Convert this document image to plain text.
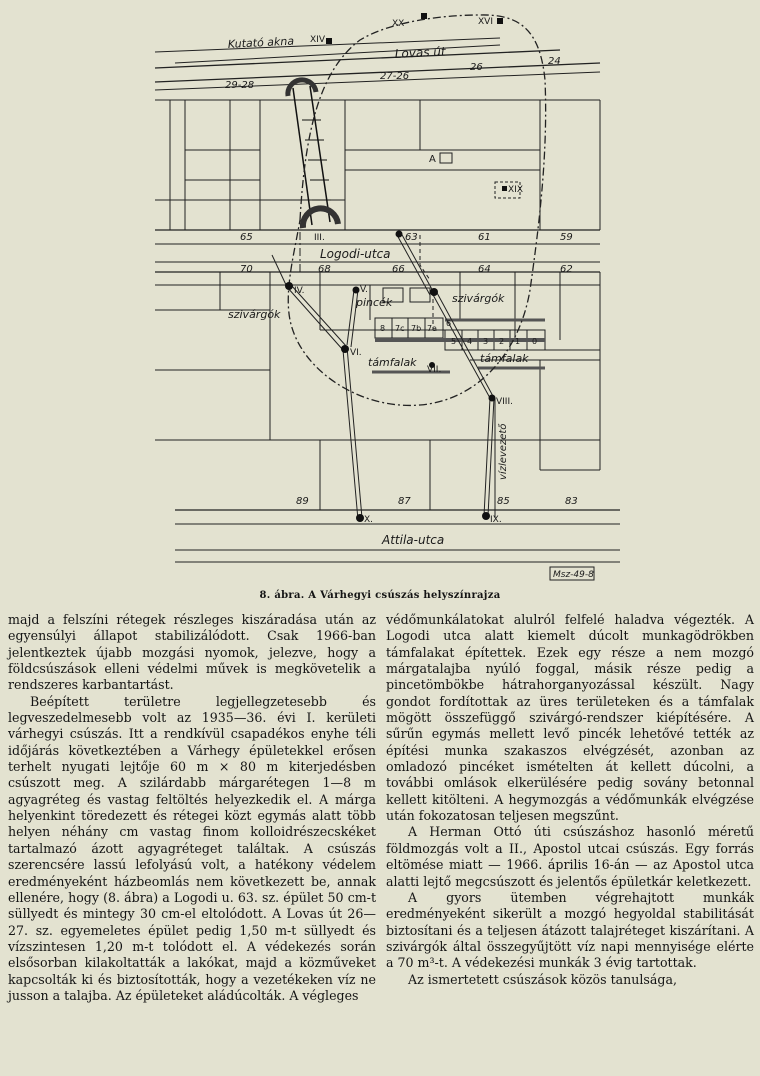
Kutató akna
Lovas út
Logodi-utca
Attila-utca
XIV
XX	XVI
XIX
III.
IV.	V.
VI.
VII.
VIII.
IX.
X.
29-28
27-26
26
24
65	63	61	59
70	68	66	64	62
89	87	85	83
szivárgók
szivárgók
pincék
támfalak	támfalak
vízlevezető
A
8 7c 7b 7a
6
5 4 3 2 1 0
Msz-49-8
8. ábra. A Várhegyi csúszás helyszínrajza

majd a felszíni rétegek részleges kiszáradása után az egyensúlyi állapot stabilizálódott. Csak 1966-ban jelentkeztek újabb mozgási nyomok, jelezve, hogy a földcsúszások elleni védelmi művek is megkövetelik a rendszeres karbantartást.

Beépített területre legjellegzetesebb és legveszedelmesebb volt az 1935—36. évi I. kerületi várhegyi csúszás. Itt a rendkívül csapadékos enyhe téli időjárás következtében a Várhegy épületekkel erősen terhelt nyugati lejtője 60 m × 80 m kiterjedésben csúszott meg. A szilárdabb márgarétegen 1—8 m agyagréteg és vastag feltöltés helyezkedik el. A márga helyenkint töredezett és rétegei közt egymás alatt több helyen néhány cm vastag finom kolloidrészecskéket tartalmazó ázott agyagréteget találtak. A csúszás szerencsére lassú lefolyású volt, a hatékony védelem eredményeként házbeomlás nem következett be, annak ellenére, hogy (8. ábra) a Logodi u. 63. sz. épület 50 cm-t süllyedt és mintegy 30 cm-el eltolódott. A Lovas út 26—27. sz. egyemeletes épület pedig 1,50 m-t süllyedt és vízszintesen 1,20 m-t tolódott el. A védekezés során elsősorban kilakoltatták a lakókat, majd a közműveket kapcsolták ki és biztosították, hogy a vezetékeken víz ne jusson a talajba. Az épületeket aládúcolták. A végleges

védőmunkálatokat alulról felfelé haladva végezték. A Logodi utca alatt kiemelt dúcolt munkagödrökben támfalakat építettek. Ezek egy része a nem mozgó márgatalajba nyúló foggal, másik része pedig a pincetömbökbe hátrahorganyozással készült. Nagy gondot fordítottak az üres területeken és a támfalak mögött összefüggő szivárgó-rendszer kiépítésére. A sűrűn egymás mellett levő pincék lehetővé tették az építési munka szakaszos elvégzését, azonban az omladozó pincéket ismételten át kellett dúcolni, a további omlások elkerülésére pedig sovány betonnal kellett kitölteni. A hegymozgás a védőmunkák elvégzése után fokozatosan teljesen megszűnt.

A Herman Ottó úti csúszáshoz hasonló méretű földmozgás volt a II., Apostol utcai csúszás. Egy forrás eltömése miatt — 1966. április 16-án — az Apostol utca alatti lejtő megcsúszott és jelentős épületkár keletkezett.

A gyors ütemben végrehajtott munkák eredményeként sikerült a mozgó hegyoldal stabilitását biztosítani és a teljesen átázott talajréteget kiszárítani. A szivárgók által összegyűjtött víz napi mennyisége elérte a 70 m³-t. A védekezési munkák 3 évig tartottak.

Az ismertetett csúszások közös tanulsága,
